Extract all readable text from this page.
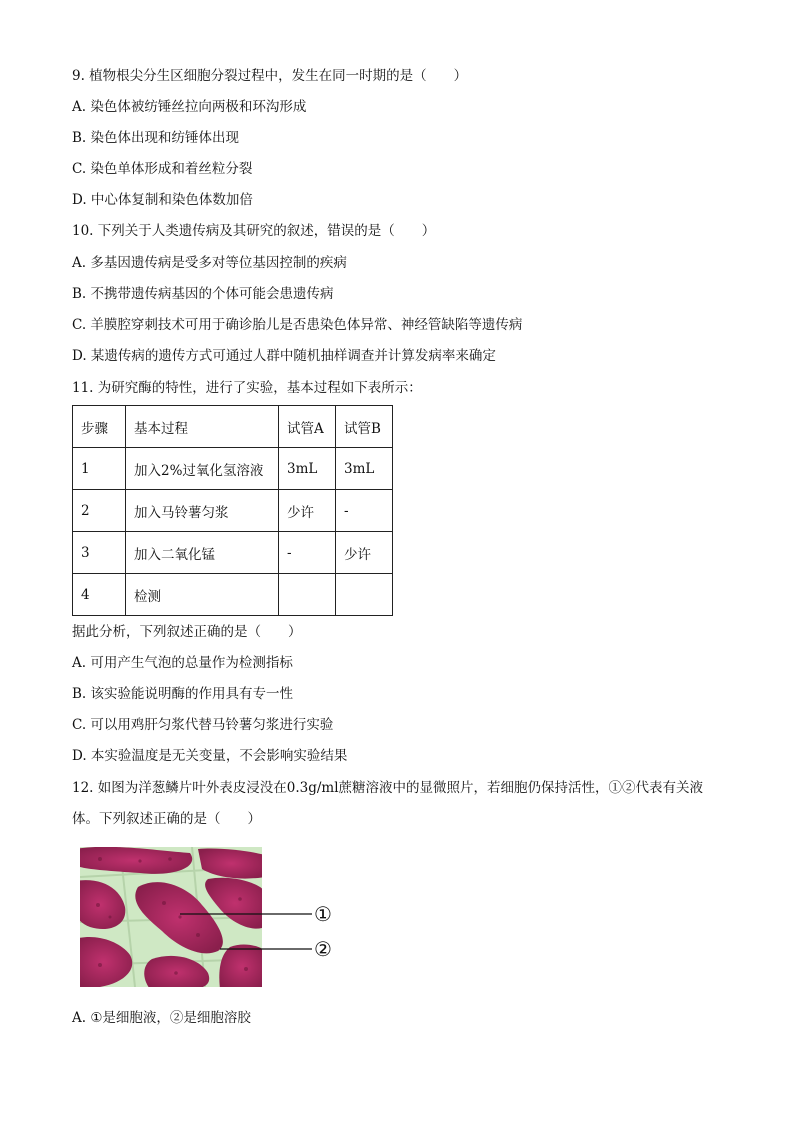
9. 植物根尖分生区细胞分裂过程中，发生在同一时期的是（　　）
A. 染色体被纺锤丝拉向两极和环沟形成
B. 染色体出现和纺锤体出现
C. 染色单体形成和着丝粒分裂
D. 中心体复制和染色体数加倍
10. 下列关于人类遗传病及其研究的叙述，错误的是（　　）
A. 多基因遗传病是受多对等位基因控制的疾病
B. 不携带遗传病基因的个体可能会患遗传病
C. 羊膜腔穿刺技术可用于确诊胎儿是否患染色体异常、神经管缺陷等遗传病
D. 某遗传病的遗传方式可通过人群中随机抽样调查并计算发病率来确定
11. 为研究酶的特性，进行了实验，基本过程如下表所示：
步骤	基本过程	试管A	试管B
1	加入2%过氧化氢溶液	3mL	3mL
2	加入马铃薯匀浆	少许	-
3	加入二氧化锰	-	少许
4	检测		
据此分析，下列叙述正确的是（　　）
A. 可用产生气泡的总量作为检测指标
B. 该实验能说明酶的作用具有专一性
C. 可以用鸡肝匀浆代替马铃薯匀浆进行实验
D. 本实验温度是无关变量，不会影响实验结果
12. 如图为洋葱鳞片叶外表皮浸没在0.3g/ml蔗糖溶液中的显微照片，若细胞仍保持活性，①②代表有关液
体。下列叙述正确的是（　　）
①
②
A. ①是细胞液，②是细胞溶胶
